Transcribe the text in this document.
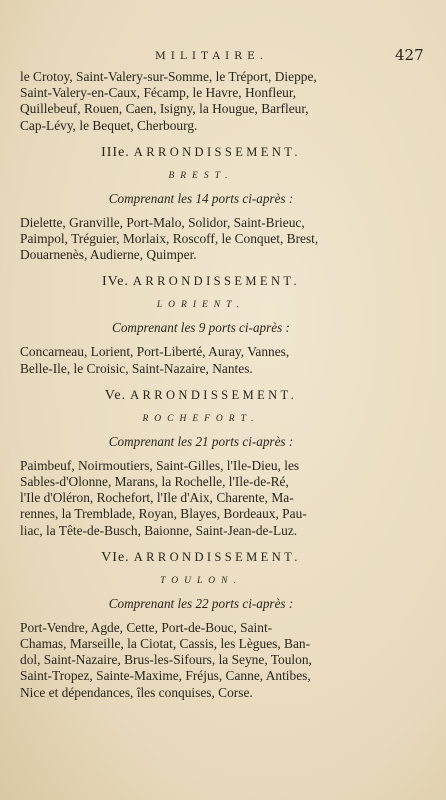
MILITAIRE.	427

le Crotoy, Saint-Valery-sur-Somme, le Tréport, Dieppe,

Saint-Valery-en-Caux, Fécamp, le Havre, Honfleur,

Quillebeuf, Rouen, Caen, Isigny, la Hougue, Barfleur,

Cap-Lévy, le Bequet, Cherbourg.

IIIe. ARRONDISSEMENT.
BREST.
Comprenant les 14 ports ci-après :

Dielette, Granville, Port-Malo, Solidor, Saint-Brieuc,

Paimpol, Tréguier, Morlaix, Roscoff, le Conquet, Brest,

Douarnenès, Audierne, Quimper.

IVe. ARRONDISSEMENT.
LORIENT.
Comprenant les 9 ports ci-après :

Concarneau, Lorient, Port-Liberté, Auray, Vannes,

Belle-Ile, le Croisic, Saint-Nazaire, Nantes.

Ve. ARRONDISSEMENT.
ROCHEFORT.
Comprenant les 21 ports ci-après :

Paimbeuf, Noirmoutiers, Saint-Gilles, l'Ile-Dieu, les

Sables-d'Olonne, Marans, la Rochelle, l'Ile-de-Ré,

l'Ile d'Oléron, Rochefort, l'Ile d'Aix, Charente, Ma-

rennes, la Tremblade, Royan, Blayes, Bordeaux, Pau-

liac, la Tête-de-Busch, Baionne, Saint-Jean-de-Luz.

VIe. ARRONDISSEMENT.
TOULON.
Comprenant les 22 ports ci-après :

Port-Vendre, Agde, Cette, Port-de-Bouc, Saint-

Chamas, Marseille, la Ciotat, Cassis, les Lègues, Ban-

dol, Saint-Nazaire, Brus-les-Sifours, la Seyne, Toulon,

Saint-Tropez, Sainte-Maxime, Fréjus, Canne, Antibes,

Nice et dépendances, îles conquises, Corse.
